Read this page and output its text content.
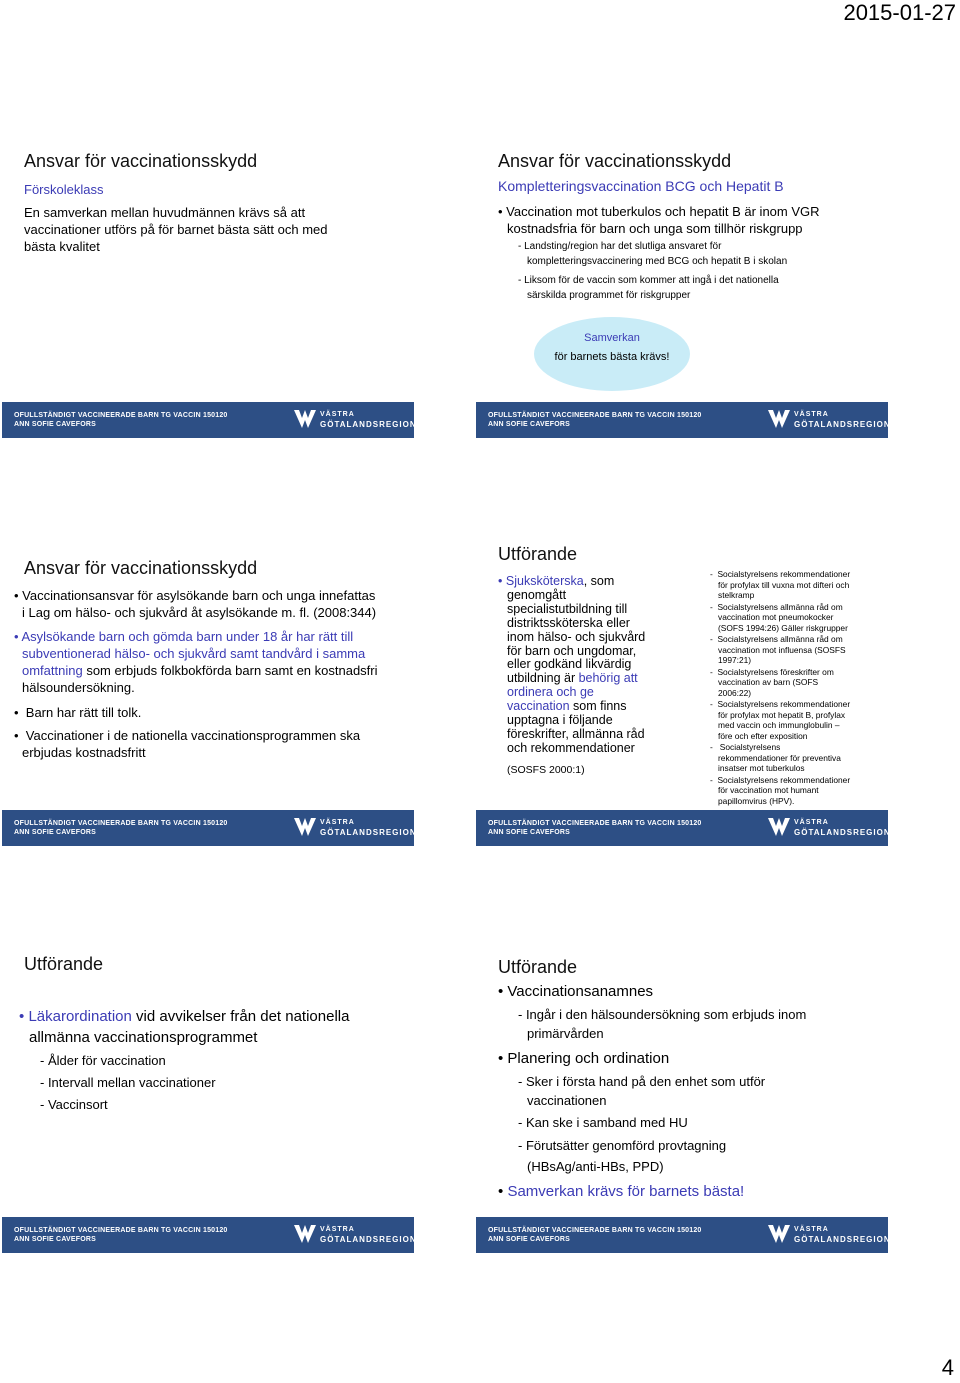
2015-01-27
Ansvar för vaccinationsskydd
Förskoleklass
En samverkan mellan huvudmännen krävs så att
vaccinationer utförs på för barnet bästa sätt och med
bästa kvalitet
OFULLSTÄNDIGT VACCINEERADE BARN TG VACCIN 150120
ANN SOFIE CAVEFORS
VÄSTRA
GÖTALANDSREGIONEN
Ansvar för vaccinationsskydd
Kompletteringsvaccination BCG och Hepatit B
• Vaccination mot tuberkulos och hepatit B är inom VGR
kostnadsfria för barn och unga som tillhör riskgrupp
- Landsting/region har det slutliga ansvaret för
kompletteringsvaccinering med BCG och hepatit B i skolan
- Liksom för de vaccin som kommer att ingå i det nationella
särskilda programmet för riskgrupper
Samverkan
för barnets bästa krävs!
OFULLSTÄNDIGT VACCINEERADE BARN TG VACCIN 150120
ANN SOFIE CAVEFORS
VÄSTRA
GÖTALANDSREGIONEN
Ansvar för vaccinationsskydd
• Vaccinationsansvar för asylsökande barn och unga innefattas
i Lag om hälso- och sjukvård åt asylsökande m. fl. (2008:344)
• Asylsökande barn och gömda barn under 18 år har rätt till
subventionerad hälso- och sjukvård samt tandvård i samma
omfattning som erbjuds folkbokförda barn samt en kostnadsfri
hälsoundersökning.
•  Barn har rätt till tolk.
•  Vaccinationer i de nationella vaccinationsprogrammen ska
erbjudas kostnadsfritt
OFULLSTÄNDIGT VACCINEERADE BARN TG VACCIN 150120
ANN SOFIE CAVEFORS
VÄSTRA
GÖTALANDSREGIONEN
Utförande
• Sjuksköterska, som
genomgått
specialistutbildning till
distriktssköterska eller
inom hälso- och sjukvård
för barn och ungdomar,
eller godkänd likvärdig
utbildning är behörig att
ordinera och ge
vaccination som finns
upptagna i följande
föreskrifter, allmänna råd
och rekommendationer
(SOSFS 2000:1)
-  Socialstyrelsens rekommendationer
för profylax till vuxna mot difteri och
stelkramp
-  Socialstyrelsens allmänna råd om
vaccination mot pneumokocker
(SOFS 1994:26) Gäller riskgrupper
-  Socialstyrelsens allmänna råd om
vaccination mot influensa (SOSFS
1997:21)
-  Socialstyrelsens föreskrifter om
vaccination av barn (SOFS
2006:22)
-  Socialstyrelsens rekommendationer
för profylax mot hepatit B, profylax
med vaccin och immunglobulin –
före och efter exposition
-   Socialstyrelsens
rekommendationer för preventiva
insatser mot tuberkulos
-  Socialstyrelsens rekommendationer
för vaccination mot humant
papillomvirus (HPV).
OFULLSTÄNDIGT VACCINEERADE BARN TG VACCIN 150120
ANN SOFIE CAVEFORS
VÄSTRA
GÖTALANDSREGIONEN
Utförande
• Läkarordination vid avvikelser från det nationella
allmänna vaccinationsprogrammet
- Ålder för vaccination
- Intervall mellan vaccinationer
- Vaccinsort
OFULLSTÄNDIGT VACCINEERADE BARN TG VACCIN 150120
ANN SOFIE CAVEFORS
VÄSTRA
GÖTALANDSREGIONEN
Utförande
• Vaccinationsanamnes
- Ingår i den hälsoundersökning som erbjuds inom
primärvården
• Planering och ordination
- Sker i första hand på den enhet som utför
vaccinationen
- Kan ske i samband med HU
- Förutsätter genomförd provtagning
(HBsAg/anti-HBs, PPD)
• Samverkan krävs för barnets bästa!
OFULLSTÄNDIGT VACCINEERADE BARN TG VACCIN 150120
ANN SOFIE CAVEFORS
VÄSTRA
GÖTALANDSREGIONEN
4
